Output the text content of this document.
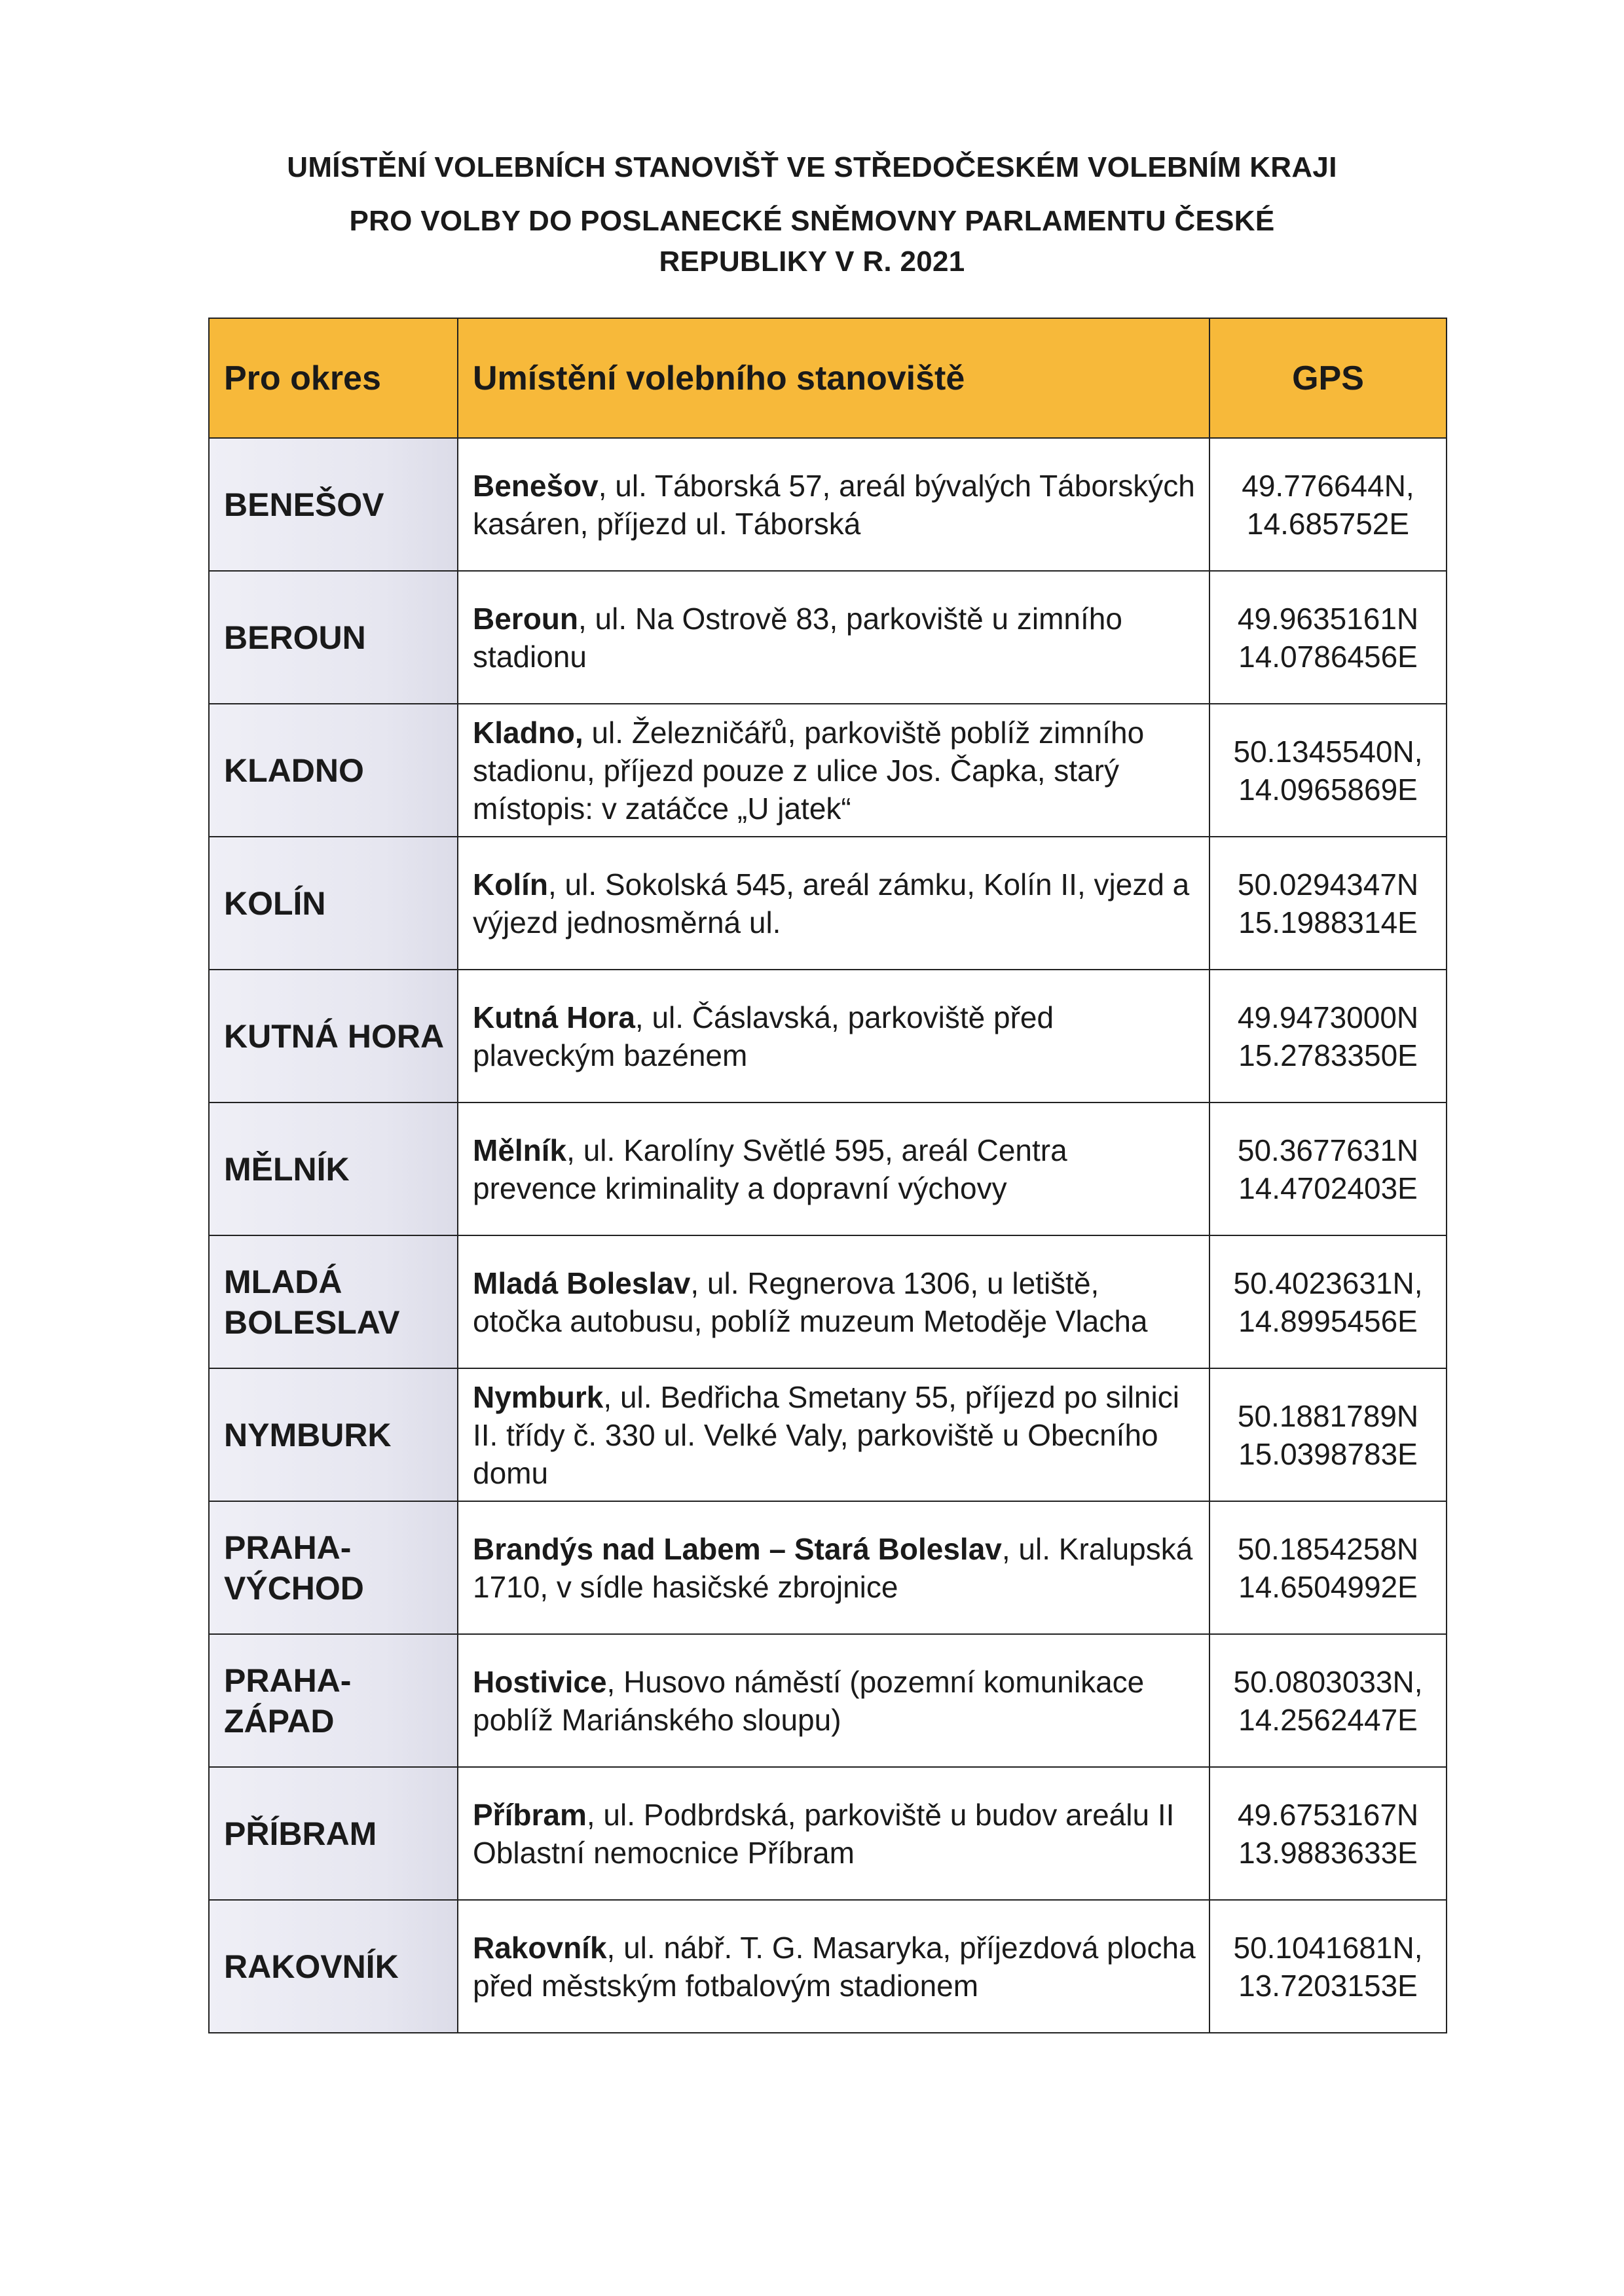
UMÍSTĚNÍ VOLEBNÍCH STANOVIŠŤ VE STŘEDOČESKÉM VOLEBNÍM KRAJI
PRO VOLBY DO POSLANECKÉ SNĚMOVNY PARLAMENTU ČESKÉ
REPUBLIKY V R. 2021
Pro okres	Umístění volebního stanoviště	GPS
BENEŠOV	Benešov, ul. Táborská 57, areál bývalých Táborských kasáren, příjezd ul. Táborská	49.776644N,
14.685752E

BEROUN	Beroun, ul. Na Ostrově 83, parkoviště u zimního stadionu	49.9635161N
14.0786456E

KLADNO	Kladno, ul. Železničářů, parkoviště poblíž zimního stadionu, příjezd pouze z ulice Jos. Čapka, starý místopis: v zatáčce „U jatek“	50.1345540N,
14.0965869E

KOLÍN	Kolín, ul. Sokolská 545, areál zámku, Kolín II, vjezd a výjezd jednosměrná ul.	50.0294347N
15.1988314E

KUTNÁ HORA	Kutná Hora, ul. Čáslavská, parkoviště před plaveckým bazénem	49.9473000N
15.2783350E

MĚLNÍK	Mělník, ul. Karolíny Světlé 595, areál Centra prevence kriminality a dopravní výchovy	50.3677631N
14.4702403E

MLADÁ BOLESLAV	Mladá Boleslav, ul. Regnerova 1306, u letiště, otočka autobusu, poblíž muzeum Metoděje Vlacha	50.4023631N,
14.8995456E

NYMBURK	Nymburk, ul. Bedřicha Smetany 55, příjezd po silnici II. třídy č. 330 ul. Velké Valy, parkoviště u Obecního domu	50.1881789N
15.0398783E

PRAHA-VÝCHOD	Brandýs nad Labem – Stará Boleslav, ul. Kralupská 1710, v sídle hasičské zbrojnice	50.1854258N
14.6504992E

PRAHA-ZÁPAD	Hostivice, Husovo náměstí (pozemní komunikace poblíž Mariánského sloupu)	50.0803033N,
14.2562447E

PŘÍBRAM	Příbram, ul. Podbrdská, parkoviště u budov areálu II Oblastní nemocnice Příbram	49.6753167N
13.9883633E

RAKOVNÍK	Rakovník, ul. nábř. T. G. Masaryka, příjezdová plocha před městským fotbalovým stadionem	50.1041681N,
13.7203153E
